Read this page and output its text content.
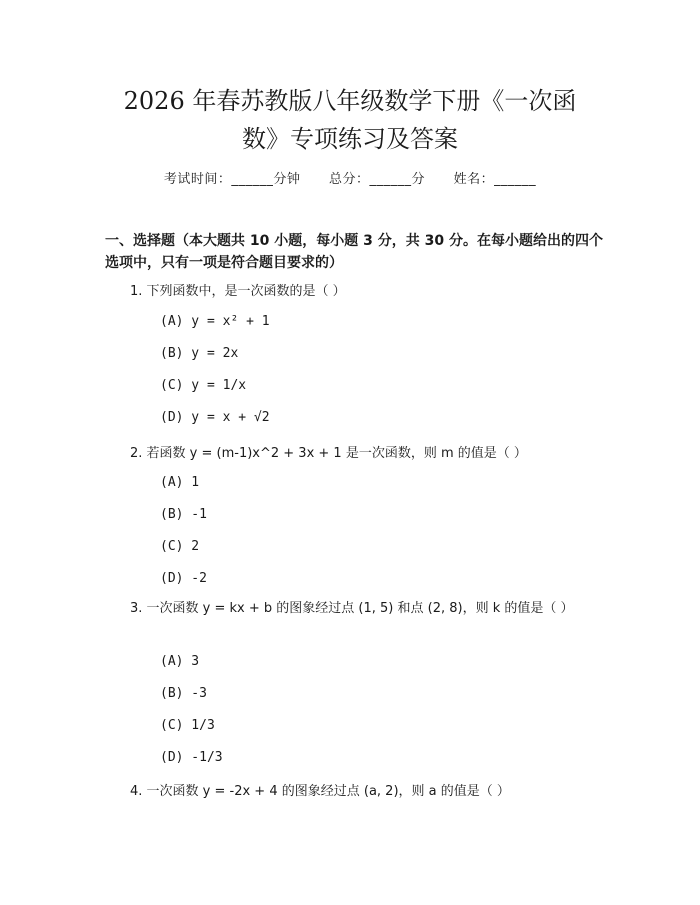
2026 年春苏教版八年级数学下册《一次函
数》专项练习及答案
考试时间：______分钟 总分：______分 姓名：______
一、选择题（本大题共 10 小题，每小题 3 分，共 30 分。在每小题给出的四个选项中，只有一项是符合题目要求的）
1. 下列函数中，是一次函数的是（ ）
(A) y = x² + 1
(B) y = 2x
(C) y = 1/x
(D) y = x + √2
2. 若函数 y = (m-1)x^2 + 3x + 1 是一次函数，则 m 的值是（ ）
(A) 1
(B) -1
(C) 2
(D) -2
3. 一次函数 y = kx + b 的图象经过点 (1, 5) 和点 (2, 8)，则 k 的值是（ ）
(A) 3
(B) -3
(C) 1/3
(D) -1/3
4. 一次函数 y = -2x + 4 的图象经过点 (a, 2)，则 a 的值是（ ）
